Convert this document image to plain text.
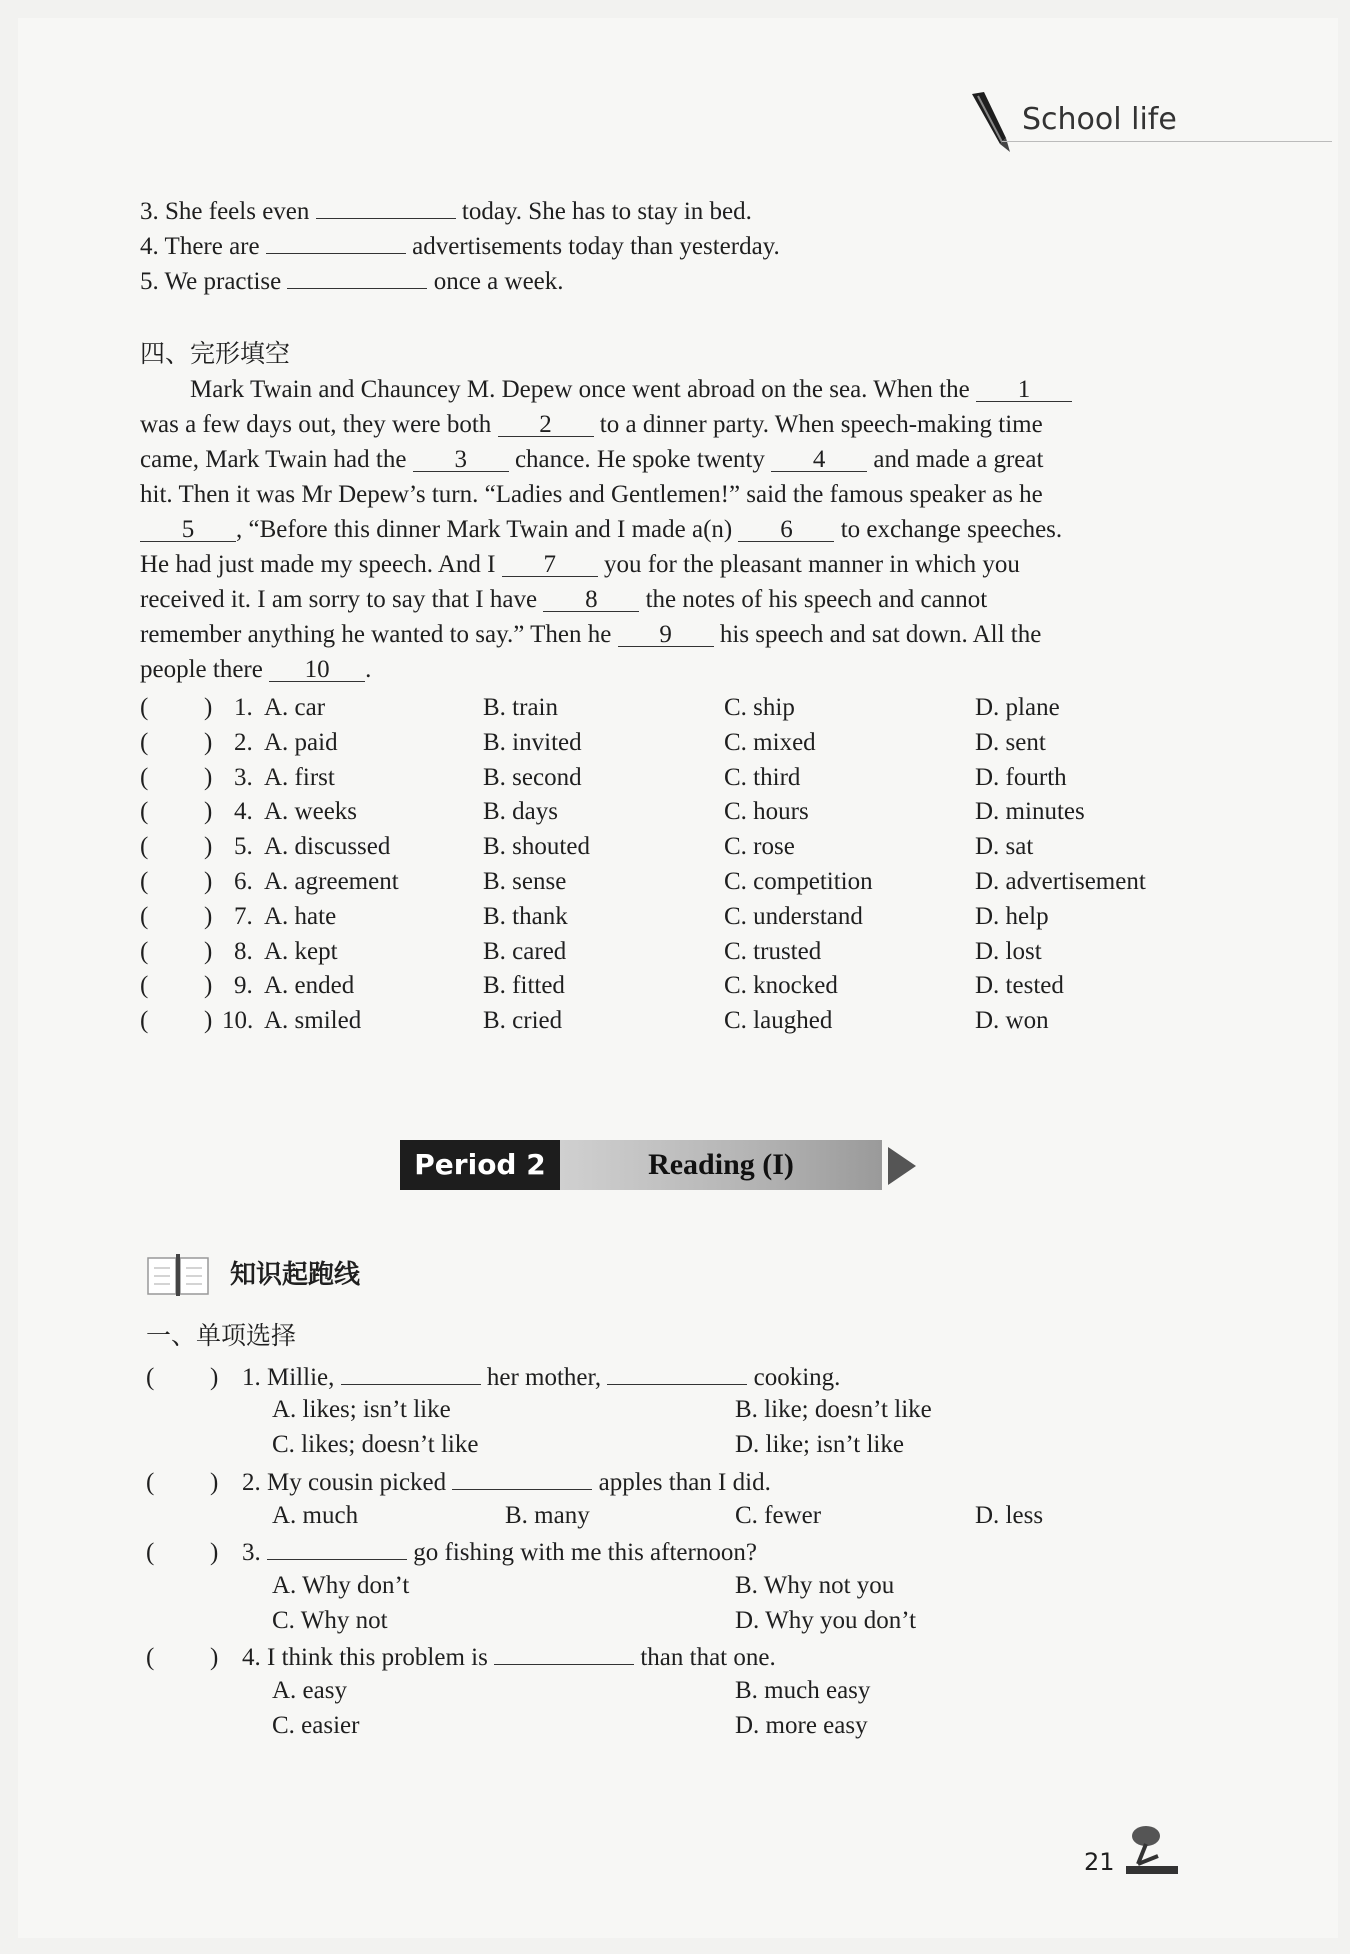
School life
3. She feels even	today. She has to stay in bed.
4. There are	advertisements today than yesterday.
5. We practise	once a week.
四、完形填空
Mark Twain and Chauncey M. Depew once went abroad on the sea. When the 1
was a few days out, they were both 2 to a dinner party. When speech-making time
came, Mark Twain had the 3 chance. He spoke twenty 4 and made a great
hit. Then it was Mr Depew’s turn. “Ladies and Gentlemen!” said the famous speaker as he
5 , “Before this dinner Mark Twain and I made a(n) 6 to exchange speeches.
He had just made my speech. And I 7 you for the pleasant manner in which you
received it. I am sorry to say that I have 8 the notes of his speech and cannot
remember anything he wanted to say.” Then he 9 his speech and sat down. All the
people there 10 .
( ) 1. A. car	B. train	C. ship	D. plane
( ) 2. A. paid	B. invited	C. mixed	D. sent
( ) 3. A. first	B. second	C. third	D. fourth
( ) 4. A. weeks	B. days	C. hours	D. minutes
( ) 5. A. discussed	B. shouted	C. rose	D. sat
( ) 6. A. agreement	B. sense	C. competition	D. advertisement
( ) 7. A. hate	B. thank	C. understand	D. help
( ) 8. A. kept	B. cared	C. trusted	D. lost
( ) 9. A. ended	B. fitted	C. knocked	D. tested
( ) 10. A. smiled	B. cried	C. laughed	D. won
Period 2	Reading (I)
知识起跑线
一、单项选择
( ) 1. Millie,	her mother,	cooking.
A. likes; isn’t like	B. like; doesn’t like
C. likes; doesn’t like	D. like; isn’t like
( ) 2. My cousin picked	apples than I did.
A. much	B. many	C. fewer	D. less
( ) 3.	go fishing with me this afternoon?
A. Why don’t	B. Why not you
C. Why not	D. Why you don’t
( ) 4. I think this problem is	than that one.
A. easy	B. much easy
C. easier	D. more easy
21
